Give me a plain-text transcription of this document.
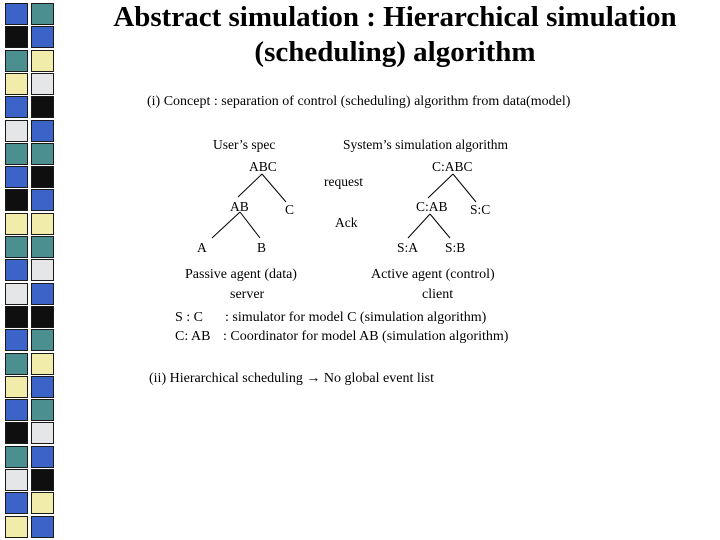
Abstract simulation : Hierarchical simulation
(scheduling) algorithm
(i) Concept : separation of control (scheduling) algorithm from data(model)
User’s spec
ABC
AB	C
A	B
Passive agent (data)
server
request
Ack
System’s simulation algorithm
C:ABC
C:AB S:C
S:A S:B
Active agent (control)
client
S : C : simulator for model C (simulation algorithm)
C: AB : Coordinator for model AB (simulation algorithm)
(ii) Hierarchical scheduling → No global event list
